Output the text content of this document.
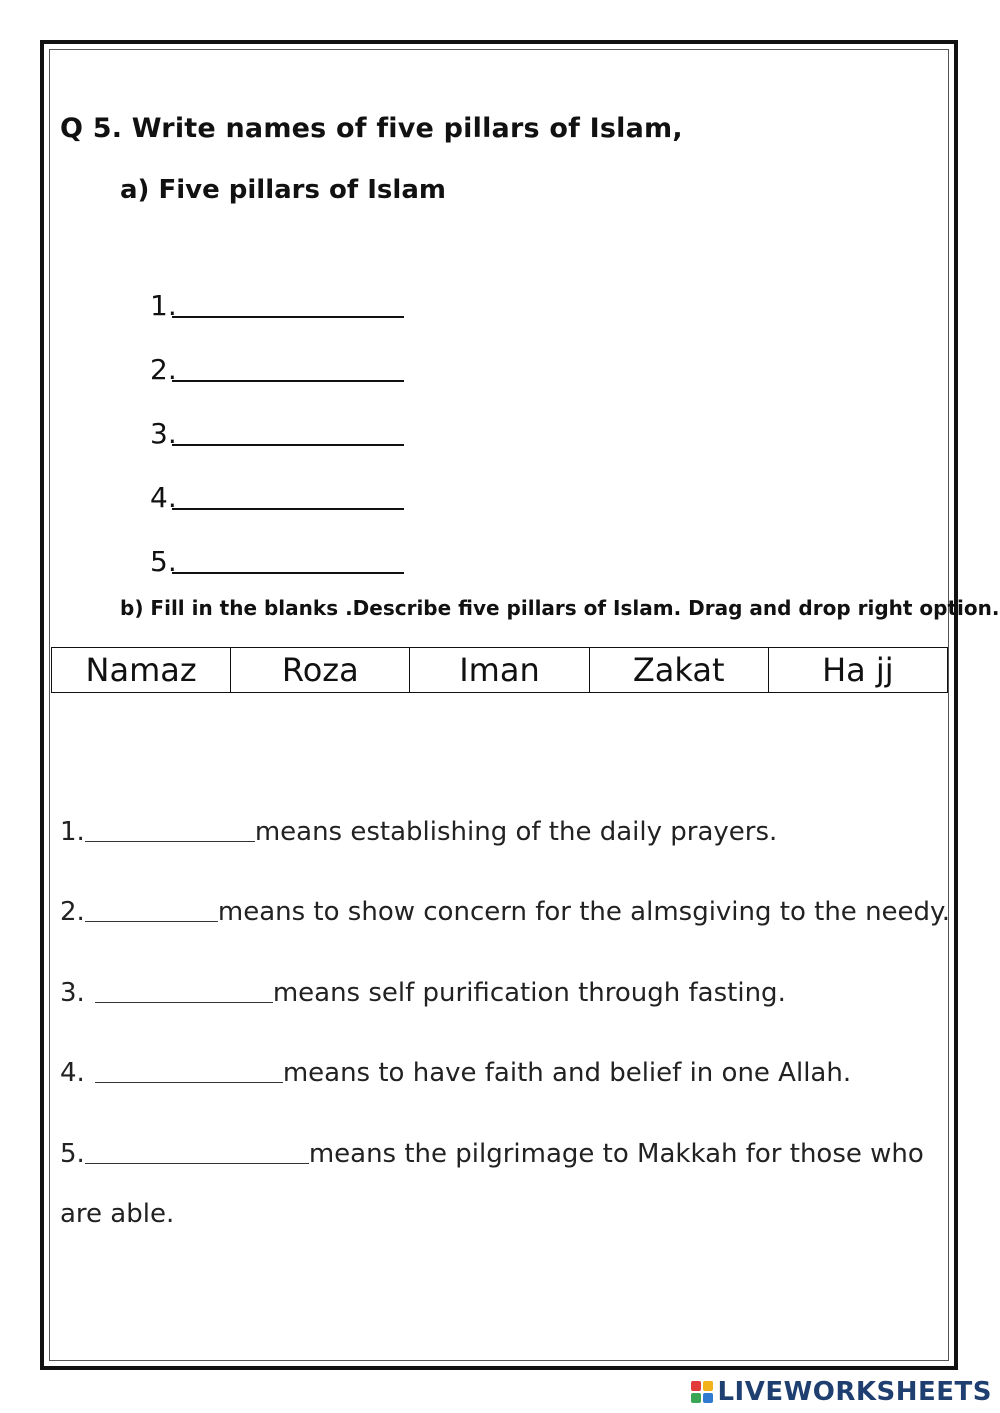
Q 5. Write names of five pillars of Islam,
a) Five pillars of Islam
1.
2.
3.
4.
5.
b) Fill in the blanks .Describe five pillars of Islam. Drag and drop right option.
Namaz	Roza	Iman	Zakat	Ha jj
1.	means establishing of the daily prayers.
2.	means to show concern for the almsgiving to the needy.
3.	means self purification through fasting.
4.	means to have faith and belief in one Allah.
5.	means the pilgrimage to Makkah for those who
are able.
LIVEWORKSHEETS
